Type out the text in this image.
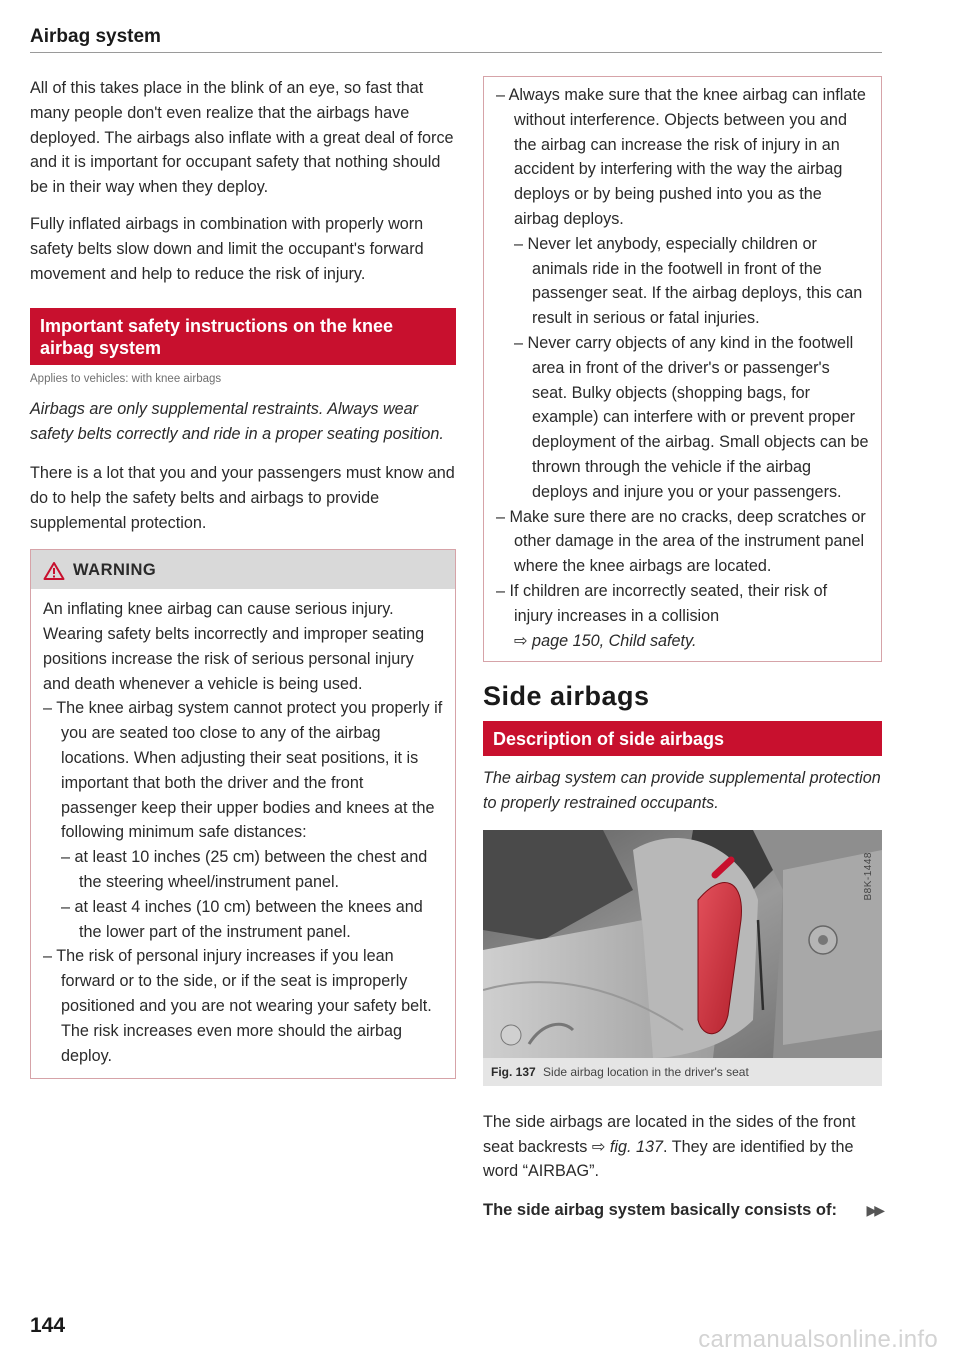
Airbag system

All of this takes place in the blink of an eye, so fast that many people don't even realize that the airbags have deployed. The airbags also inflate with a great deal of force and it is important for occupant safety that nothing should be in their way when they deploy.

Fully inflated airbags in combination with properly worn safety belts slow down and limit the occupant's forward movement and help to reduce the risk of injury.

Important safety instructions on the knee airbag system
Applies to vehicles: with knee airbags

Airbags are only supplemental restraints. Always wear safety belts correctly and ride in a proper seating position.

There is a lot that you and your passengers must know and do to help the safety belts and airbags to provide supplemental protection.

WARNING

An inflating knee airbag can cause serious injury. Wearing safety belts incorrectly and improper seating positions increase the risk of serious personal injury and death whenever a vehicle is being used.

– The knee airbag system cannot protect you properly if you are seated too close to any of the airbag locations. When adjusting their seat positions, it is important that both the driver and the front passenger keep their upper bodies and knees at the following minimum safe distances:
– at least 10 inches (25 cm) between the chest and the steering wheel/instrument panel.
– at least 4 inches (10 cm) between the knees and the lower part of the instrument panel.
– The risk of personal injury increases if you lean forward or to the side, or if the seat is improperly positioned and you are not wearing your safety belt. The risk increases even more should the airbag deploy.
– Always make sure that the knee airbag can inflate without interference. Objects between you and the airbag can increase the risk of injury in an accident by interfering with the way the airbag deploys or by being pushed into you as the airbag deploys.
– Never let anybody, especially children or animals ride in the footwell in front of the passenger seat. If the airbag deploys, this can result in serious or fatal injuries.
– Never carry objects of any kind in the footwell area in front of the driver's or passenger's seat. Bulky objects (shopping bags, for example) can interfere with or prevent proper deployment of the airbag. Small objects can be thrown through the vehicle if the airbag deploys and injure you or your passengers.
– Make sure there are no cracks, deep scratches or other damage in the area of the instrument panel where the knee airbags are located.
– If children are incorrectly seated, their risk of injury increases in a collision
⇨ page 150, Child safety.
Side airbags
Description of side airbags

The airbag system can provide supplemental protection to properly restrained occupants.

B8K-1448
Fig. 137 Side airbag location in the driver's seat

The side airbags are located in the sides of the front seat backrests ⇨ fig. 137. They are identified by the word “AIRBAG”.

The side airbag system basically consists of: ▶▶
144
carmanualsonline.info
